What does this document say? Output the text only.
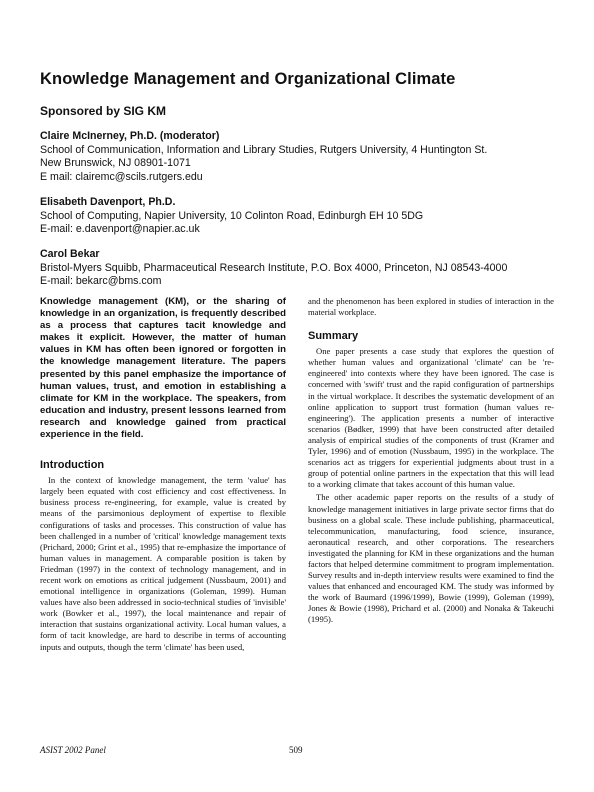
Knowledge Management and Organizational Climate
Sponsored by SIG KM
Claire McInerney, Ph.D. (moderator)
School of Communication, Information and Library Studies, Rutgers University, 4 Huntington St.
New Brunswick, NJ 08901-1071
E mail: clairemc@scils.rutgers.edu
Elisabeth Davenport, Ph.D.
School of Computing, Napier University, 10 Colinton Road, Edinburgh EH 10 5DG
E-mail: e.davenport@napier.ac.uk
Carol Bekar
Bristol-Myers Squibb, Pharmaceutical Research Institute, P.O. Box 4000, Princeton, NJ 08543-4000
E-mail: bekarc@bms.com

Knowledge management (KM), or the sharing of knowledge in an organization, is frequently described as a process that captures tacit knowledge and makes it explicit. However, the matter of human values in KM has often been ignored or forgotten in the knowledge management literature. The papers presented by this panel emphasize the importance of human values, trust, and emotion in establishing a climate for KM in the workplace. The speakers, from education and industry, present lessons learned from research and knowledge gained from practical experience in the field.

Introduction

In the context of knowledge management, the term 'value' has largely been equated with cost efficiency and cost effectiveness. In business process re-engineering, for example, value is created by means of the parsimonious deployment of expertise to flexible configurations of tasks and processes. This construction of value has been challenged in a number of 'critical' knowledge management texts (Prichard, 2000; Grint et al., 1995) that re-emphasize the importance of human values in management. A comparable position is taken by Friedman (1997) in the context of technology management, and in recent work on emotions as critical judgement (Nussbaum, 2001) and emotional intelligence in organizations (Goleman, 1999). Human values have also been addressed in socio-technical studies of 'invisible' work (Bowker et al., 1997), the local maintenance and repair of interaction that sustains organizational activity. Local human values, a form of tacit knowledge, are hard to describe in terms of accounting inputs and outputs, though the term 'climate' has been used,

and the phenomenon has been explored in studies of interaction in the material workplace.

Summary

One paper presents a case study that explores the question of whether human values and organizational 'climate' can be 're-engineered' into contexts where they have been ignored. The case is concerned with 'swift' trust and the rapid configuration of partnerships in the virtual workplace. It describes the systematic development of an online application to support trust formation (human values re-engineering'). The application presents a number of interactive scenarios (Bødker, 1999) that have been constructed after detailed analysis of empirical studies of the components of trust (Kramer and Tyler, 1996) and of emotion (Nussbaum, 1995) in the workplace. The scenarios act as triggers for experiential judgments about trust in a group of potential online partners in the expectation that this will lead to a working climate that takes account of this human value.

The other academic paper reports on the results of a study of knowledge management initiatives in large private sector firms that do business on a global scale. These include publishing, pharmaceutical, telecommunication, manufacturing, food science, insurance, aeronautical research, and other corporations. The researchers investigated the planning for KM in these organizations and the human factors that helped determine commitment to program implementation. Survey results and in-depth interview results were examined to find the values that enhanced and encouraged KM. The study was informed by the work of Baumard (1996/1999), Bowie (1999), Goleman (1999), Jones & Bowie (1998), Prichard et al. (2000) and Nonaka & Takeuchi (1995).

ASIST 2002 Panel	509
